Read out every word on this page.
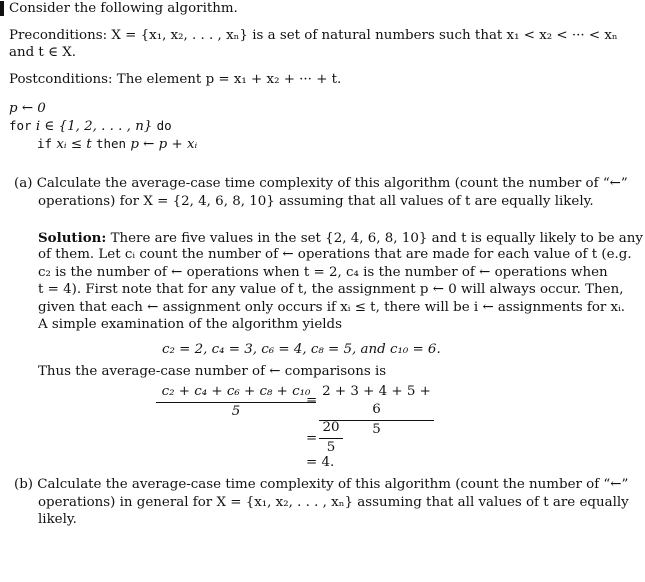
Consider the following algorithm.
Preconditions: X = {x₁, x₂, . . . , xₙ} is a set of natural numbers such that x₁ < x₂ < ··· < xₙ
and t ∈ X.
Postconditions: The element p = x₁ + x₂ + ··· + t.
p ← 0
for i ∈ {1, 2, . . . , n} do
if xᵢ ≤ t then p ← p + xᵢ
(a) Calculate the average-case time complexity of this algorithm (count the number of “←”
operations) for X = {2, 4, 6, 8, 10} assuming that all values of t are equally likely.
Solution: There are five values in the set {2, 4, 6, 8, 10} and t is equally likely to be any
of them. Let cᵢ count the number of ← operations that are made for each value of t (e.g.
c₂ is the number of ← operations when t = 2, c₄ is the number of ← operations when
t = 4). First note that for any value of t, the assignment p ← 0 will always occur. Then,
given that each ← assignment only occurs if xᵢ ≤ t, there will be i ← assignments for xᵢ.
A simple examination of the algorithm yields
c₂ = 2, c₄ = 3, c₆ = 4, c₈ = 5, and c₁₀ = 6.
Thus the average-case number of ← comparisons is
$\frac{\text{c₂ + c₄ + c₆ + c₈ + c₁₀}}{5}$
= $\frac{2 + 3 + 4 + 5 + 6}{5}$
= $\frac{20}{5}$
= 4.
(b) Calculate the average-case time complexity of this algorithm (count the number of “←”
operations) in general for X = {x₁, x₂, . . . , xₙ} assuming that all values of t are equally
likely.
